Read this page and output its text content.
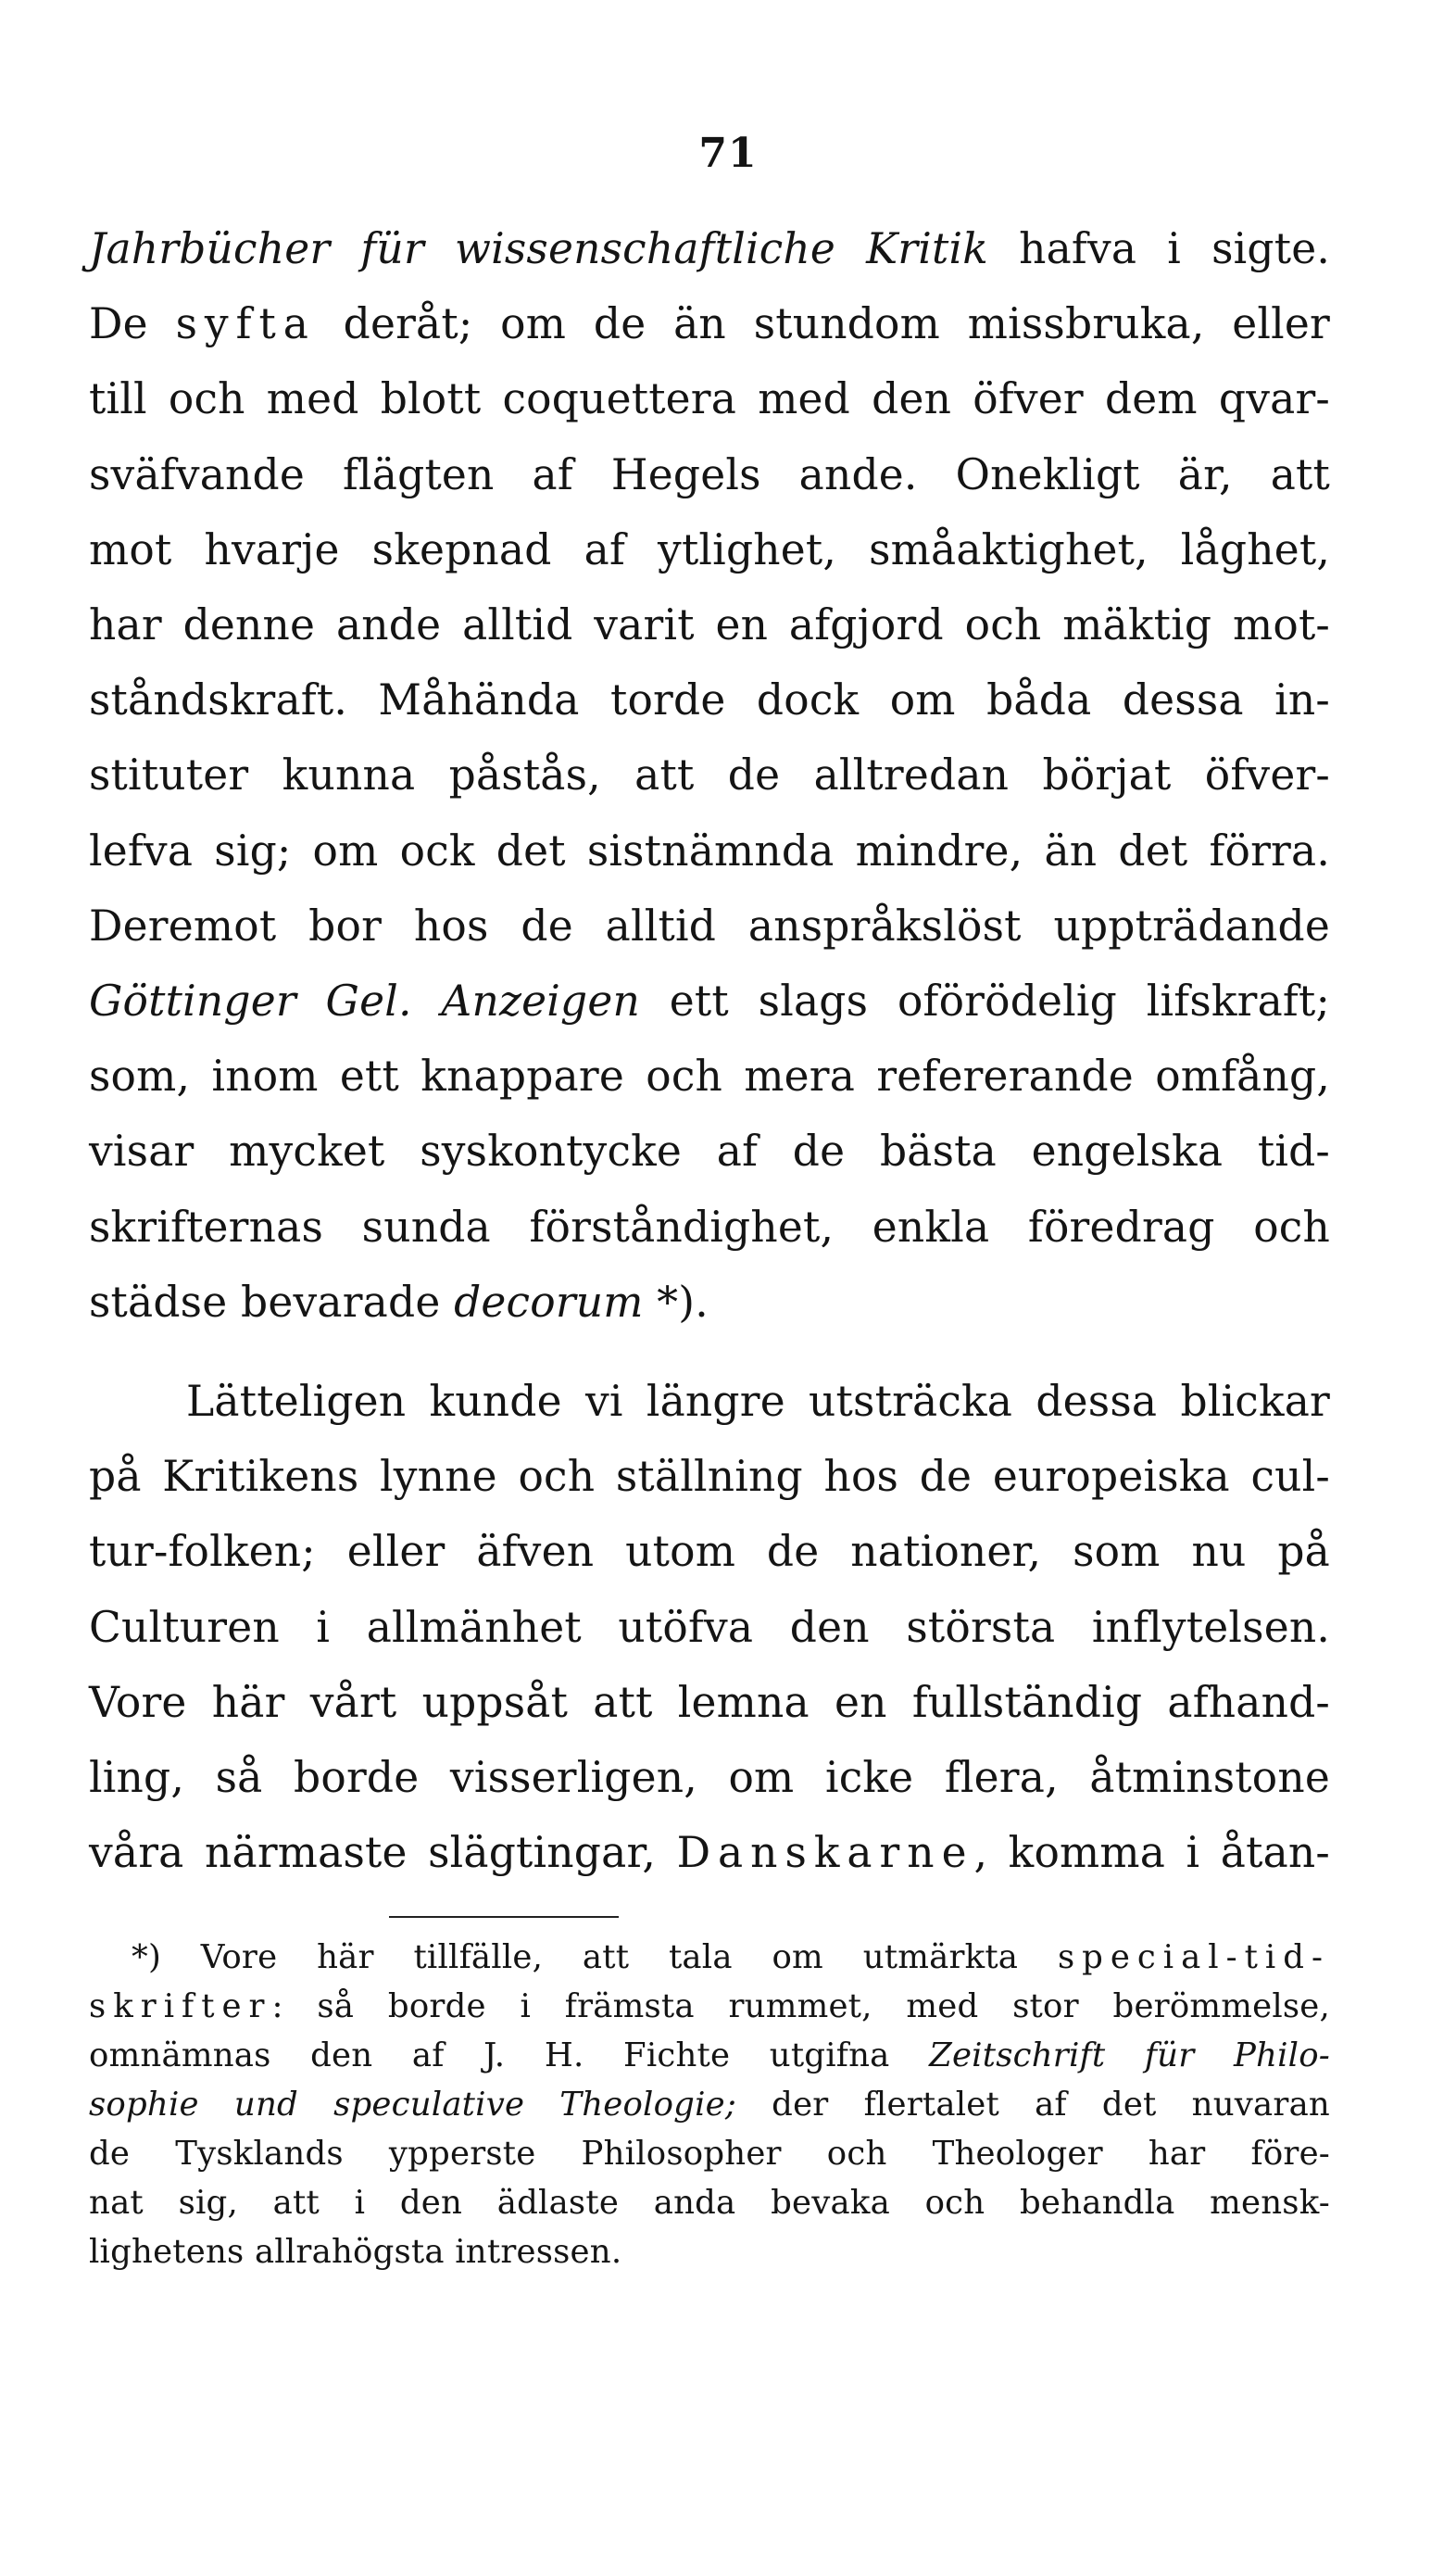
71
Jahrbücher für wissenschaftliche Kritik hafva i sigte.
De syfta deråt; om de än stundom missbruka, eller
till och med blott coquettera med den öfver dem qvar-
sväfvande flägten af Hegels ande. Onekligt är, att
mot hvarje skepnad af ytlighet, småaktighet, låghet,
har denne ande alltid varit en afgjord och mäktig mot-
ståndskraft. Måhända torde dock om båda dessa in-
stituter kunna påstås, att de alltredan börjat öfver-
lefva sig; om ock det sistnämnda mindre, än det förra.
Deremot bor hos de alltid anspråkslöst uppträdande
Göttinger Gel. Anzeigen ett slags oförödelig lifskraft;
som, inom ett knappare och mera refererande omfång,
visar mycket syskontycke af de bästa engelska tid-
skrifternas sunda förståndighet, enkla föredrag och
städse bevarade decorum *).
Lätteligen kunde vi längre utsträcka dessa blickar
på Kritikens lynne och ställning hos de europeiska cul-
tur-folken; eller äfven utom de nationer, som nu på
Culturen i allmänhet utöfva den största inflytelsen.
Vore här vårt uppsåt att lemna en fullständig afhand-
ling, så borde visserligen, om icke flera, åtminstone
våra närmaste slägtingar, Danskarne, komma i åtan-
*) Vore här tillfälle, att tala om utmärkta special-tid-
skrifter: så borde i främsta rummet, med stor berömmelse,
omnämnas den af J. H. Fichte utgifna Zeitschrift für Philo-
sophie und speculative Theologie; der flertalet af det nuvaran
de Tysklands ypperste Philosopher och Theologer har före-
nat sig, att i den ädlaste anda bevaka och behandla mensk-
lighetens allrahögsta intressen.
